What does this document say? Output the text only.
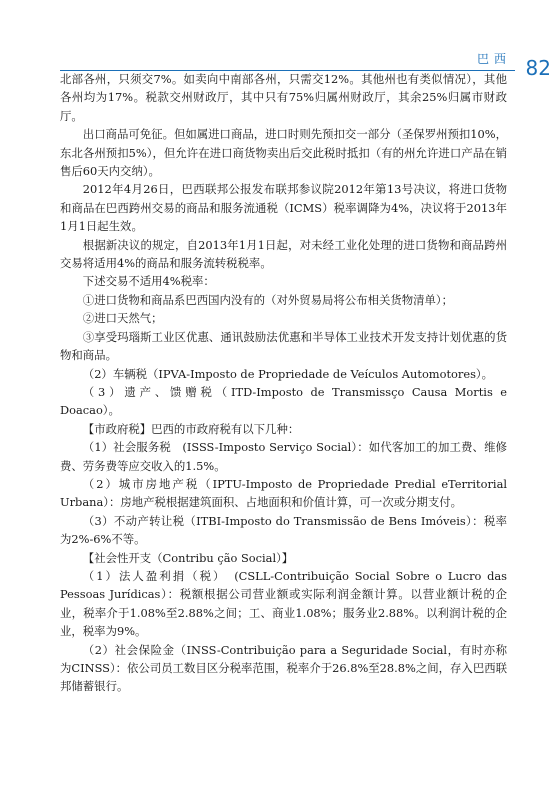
巴西 82

北部各州，只须交7%。如卖向中南部各州，只需交12%。其他州也有类似情况），其他各州均为17%。税款交州财政厅，其中只有75%归属州财政厅，其余25%归属市财政厅。

出口商品可免征。但如属进口商品，进口时则先预扣交一部分（圣保罗州预扣10%，东北各州预扣5%），但允许在进口商货物卖出后交此税时抵扣（有的州允许进口产品在销售后60天内交纳）。

2012年4月26日，巴西联邦公报发布联邦参议院2012年第13号决议，将进口货物和商品在巴西跨州交易的商品和服务流通税（ICMS）税率调降为4%，决议将于2013年1月1日起生效。

根据新决议的规定，自2013年1月1日起，对未经工业化处理的进口货物和商品跨州交易将适用4%的商品和服务流转税税率。

下述交易不适用4%税率：

①进口货物和商品系巴西国内没有的（对外贸易局将公布相关货物清单）；

②进口天然气；

③享受玛瑙斯工业区优惠、通讯鼓励法优惠和半导体工业技术开发支持计划优惠的货物和商品。

（2）车辆税（IPVA-Imposto de Propriedade de Veículos Automotores）。

（3）遗产、馈赠税（ITD-Imposto de Transmissço Causa Mortis e Doacao）。

【市政府税】巴西的市政府税有以下几种：

（1）社会服务税　(ISSS-Imposto Serviço Social）：如代客加工的加工费、维修费、劳务费等应交收入的1.5%。

（2）城市房地产税（IPTU-Imposto de Propriedade Predial eTerritorial Urbana）：房地产税根据建筑面积、占地面积和价值计算，可一次或分期支付。

（3）不动产转让税（ITBI-Imposto do Transmissão de Bens Imóveis）：税率为2%-6%不等。

【社会性开支（Contribu ção Social）】

（1）法人盈利捐（税）　(CSLL-Contribuição Social Sobre o Lucro das Pessoas Jurídicas）：税额根据公司营业额或实际利润金额计算。以营业额计税的企业，税率介于1.08%至2.88%之间；工、商业1.08%；服务业2.88%。以利润计税的企业，税率为9%。

（2）社会保险金（INSS-Contribuição para a Seguridade Social，有时亦称为CINSS）：依公司员工数目区分税率范围，税率介于26.8%至28.8%之间，存入巴西联邦储蓄银行。
